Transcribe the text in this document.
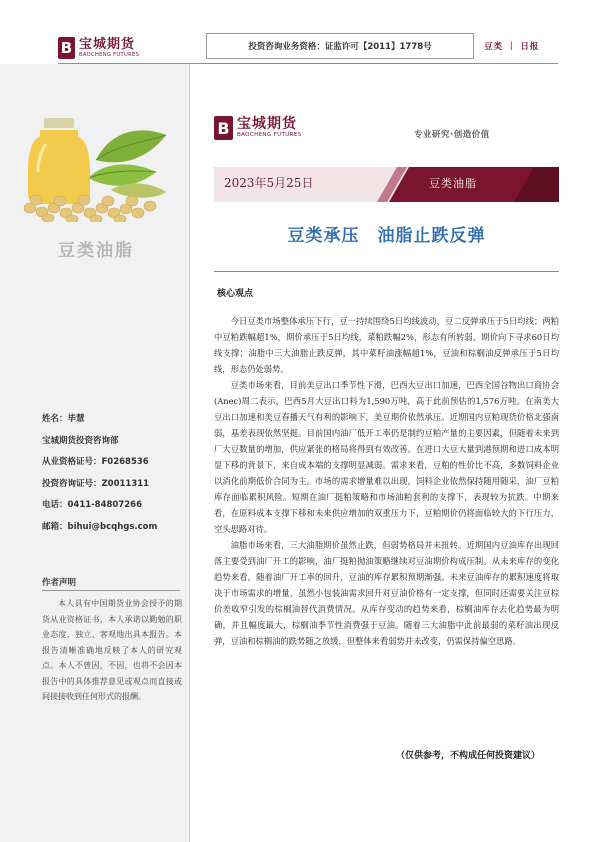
B 宝城期货
BAOCHENG FUTURES
投资咨询业务资格：证监许可【2011】1778号	豆类 ｜ 日报
豆类油脂
姓名：毕慧
宝城期货投资咨询部
从业资格证号：F0268536
投资咨询证号：Z0011311
电话：0411-84807266
邮箱：bihui@bcqhgs.com
作者声明
本人具有中国期货业协会授予的期货从业资格证书，本人承诺以勤勉的职业态度，独立、客观地出具本报告。本报告清晰准确地反映了本人的研究观点。本人不曾因，不因，也将不会因本报告中的具体推荐意见或观点而直接或间接接收到任何形式的报酬。
B 宝城期货
BAOCHENG FUTURES	专业研究·创造价值
2023年5月25日	豆类油脂
豆类承压　油脂止跌反弹
核心观点

今日豆类市场整体承压下行，豆一持续围绕5日均线波动，豆二反弹承压于5日均线；两粕中豆粕跌幅超1%，期价承压于5日均线，菜粕跌幅2%，形态有所转弱，期价向下寻求60日均线支撑；油脂中三大油脂止跌反弹，其中菜籽油涨幅超1%，豆油和棕榈油反弹承压于5日均线，形态仍处弱势。

豆类市场来看，目前美豆出口季节性下滑，巴西大豆出口加速，巴西全国谷物出口商协会(Anec)周二表示，巴西5月大豆出口料为1,590万吨，高于此前预估的1,576万吨。在南美大豆出口加速和美豆春播天气有利的影响下，美豆期价依然承压。近期国内豆粕现货价格北强南弱，基差表现依然坚挺。目前国内油厂低开工率仍是制约豆粕产量的主要因素，但随着未来到厂大豆数量的增加，供应紧张的格局将得到有效改善。在进口大豆大量到港预期和进口成本明显下移的背景下，来自成本端的支撑明显减弱。需求来看，豆粕的性价比不高，多数饲料企业以消化前期低价合同为主。市场的需求增量难以出现，饲料企业依然保持随用随采，油厂豆粕库存面临累积风险。短期在油厂挺粕策略和市场油粕套利的支撑下，表现较为抗跌。中期来看，在原料成本支撑下移和未来供应增加的双重压力下，豆粕期价仍将面临较大的下行压力，空头思路对待。

油脂市场来看，三大油脂期价虽然止跌，但弱势格局并未扭转。近期国内豆油库存出现回落主要受到油厂开工的影响，油厂挺粕抛油策略继续对豆油期价构成压制。从未来库存的变化趋势来看，随着油厂开工率的回升，豆油的库存累积预期渐强。未来豆油库存的累积速度将取决于市场需求的增量，虽然小包装油需求回升对豆油价格有一定支撑，但同时还需要关注豆棕价差收窄引发的棕榈油替代消费情况。从库存变动的趋势来看，棕榈油库存去化趋势最为明确，并且幅度最大，棕榈油季节性消费强于豆油。随着三大油脂中此前最弱的菜籽油出现反弹，豆油和棕榈油的跌势随之放缓，但整体来看弱势并未改变，仍需保持偏空思路。

（仅供参考，不构成任何投资建议）
